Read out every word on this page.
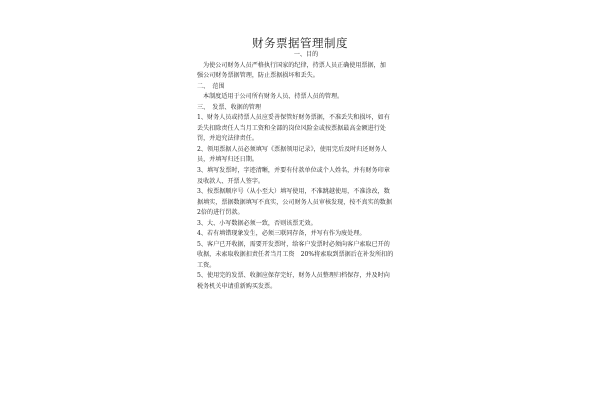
财务票据管理制度
一、目的
为使公司财务人员严格执行国家的纪律，持票人员正确使用票据，加
强公司财务票据管理，防止票据损坏和丢失。
二、　范围
本制度适用于公司所有财务人员、持票人员的管理。
三、　发票、收据的管理
1、财务人员或持票人员应妥善保管好财务票据，不准丢失和损坏，如有
丢失扣除责任人当月工资和全部的岗位风险金或按票据最高金额进行处
罚，并追究法律责任。
2、领用票据人员必须填写《票据领用记录》，使用完后及时归还财务人
员，并填写归还日期。
3、填写发票时，字迹清晰，并要有付款单位或个人姓名，并有财务印章
及收款人、开票人签字。
3、按票据顺序号（从小至大）填写使用，不准跳越使用，不准涂改，数
据填实，票据数据填写不真实，公司财务人员审核发现，按不真实的数据
2倍的进行罚款。
3、大、小写数据必须一致，否则该票无效。
4、若有填错现象发生，必须三联同存备，并写有作为废处理。
5、客户已开收据，需要开发票时，给客户发票时必须向客户索取已开的
收据，未索取收据扣责任者当月工资　20%将索取到票据后在补发所扣的
工资。
5、使用完的发票、收据应保存完好，财务人员整理归档保存，并及时向
税务机关申请重新购买发票。
